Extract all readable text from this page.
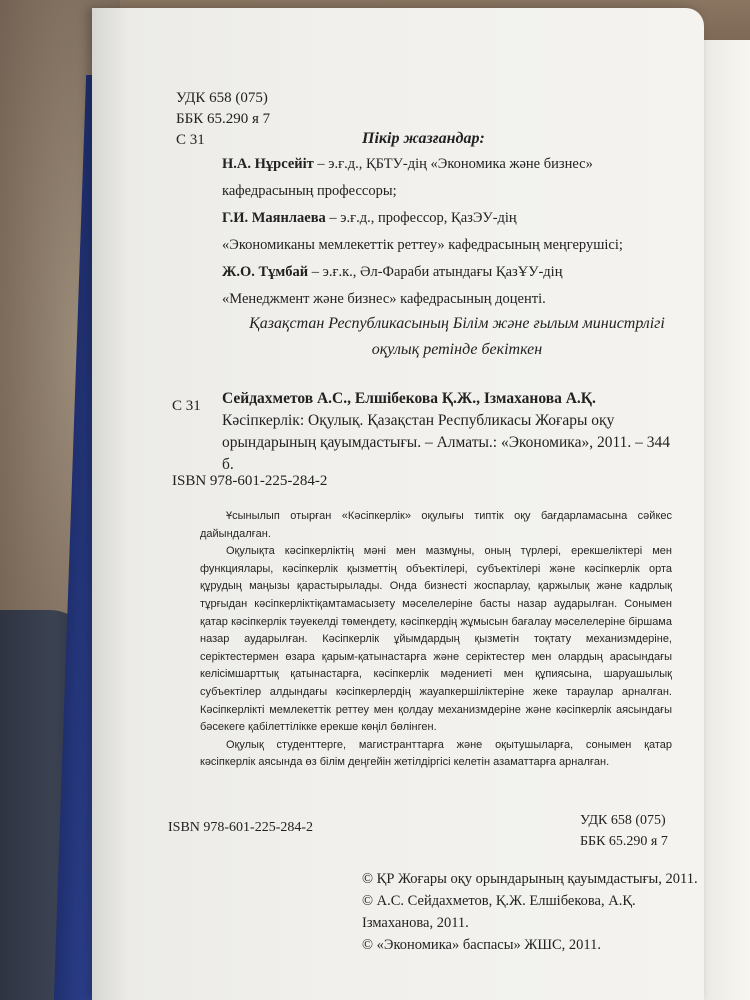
УДК 658 (075)
ББК 65.290 я 7
С 31	Пікір жазғандар:
Н.А. Нұрсейіт – э.ғ.д., ҚБТУ-дің «Экономика және бизнес»
кафедрасының профессоры;
Г.И. Маянлаева – э.ғ.д., профессор, ҚазЭУ-дің
«Экономиканы мемлекеттік реттеу» кафедрасының меңгерушісі;
Ж.О. Тұмбай – э.ғ.к., Әл-Фараби атындағы ҚазҰУ-дің
«Менеджмент және бизнес» кафедрасының доценті.
Қазақстан Республикасының Білім және ғылым министрлігі оқулық ретінде бекіткен
С 31 Сейдахметов А.С., Елшібекова Қ.Ж., Ізмаханова А.Қ.
Кәсіпкерлік: Оқулық. Қазақстан Республикасы Жоғары оқу орындарының қауымдастығы. – Алматы.: «Экономика», 2011. – 344 б.
ISBN 978-601-225-284-2

Ұсынылып отырған «Кәсіпкерлік» оқулығы типтік оқу бағдарламасына сәйкес дайындалған.

Оқулықта кәсіпкерліктің мәні мен мазмұны, оның түрлері, ерекшеліктері мен функциялары, кәсіпкерлік қызметтің объектілері, субъектілері және кәсіпкерлік орта құрудың маңызы қарастырылады. Онда бизнесті жоспарлау, қаржылық және кадрлық тұрғыдан кәсіпкерліктіқамтамасызету мәселелеріне басты назар аударылған. Сонымен қатар кәсіпкерлік тәуекелді төмендету, кәсіпкердің жұмысын бағалау мәселелеріне біршама назар аударылған. Кәсіпкерлік ұйымдардың қызметін тоқтату механизмдеріне, серіктестермен өзара қарым-қатынастарға және серіктестер мен олардың арасындағы келісімшарттық қатынастарға, кәсіпкерлік мәдениеті мен құпиясына, шаруашылық субъектілер алдындағы кәсіпкерлердің жауапкершіліктеріне жеке тараулар арналған. Кәсіпкерлікті мемлекеттік реттеу мен қолдау механизмдеріне және кәсіпкерлік аясындағы бәсекеге қабілеттілікке ерекше көңіл бөлінген.

Оқулық студенттерге, магистранттарға және оқытушыларға, сонымен қатар кәсіпкерлік аясында өз білім деңгейін жетілдіргісі келетін азаматтарға арналған.

УДК 658 (075)
ББК 65.290 я 7
ISBN 978-601-225-284-2
© ҚР Жоғары оқу орындарының қауымдастығы, 2011.
© А.С. Сейдахметов, Қ.Ж. Елшібекова, А.Қ. Ізмаханова, 2011.
© «Экономика» баспасы» ЖШС, 2011.
